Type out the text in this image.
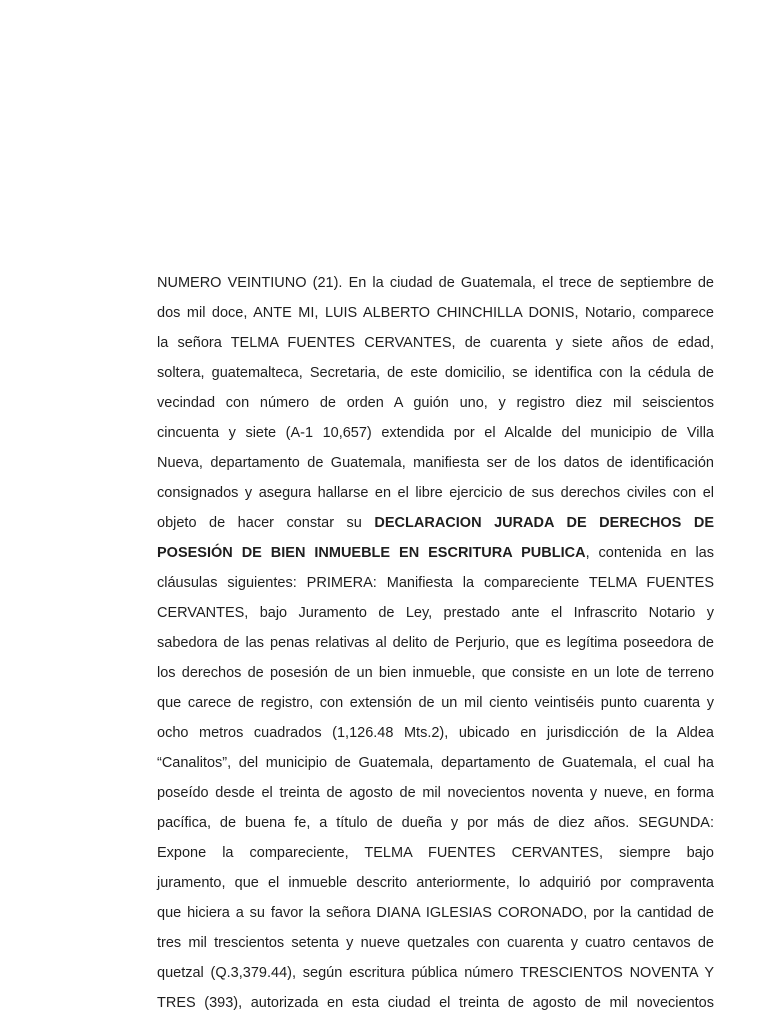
NUMERO VEINTIUNO (21). En la ciudad de Guatemala, el trece de septiembre de
dos mil doce, ANTE MI, LUIS ALBERTO CHINCHILLA DONIS, Notario, comparece
la señora TELMA FUENTES CERVANTES, de cuarenta y siete años de edad,
soltera, guatemalteca, Secretaria, de este domicilio, se identifica con la cédula de
vecindad con número de orden A guión uno, y registro diez mil seiscientos
cincuenta y siete (A-1 10,657) extendida por el Alcalde del municipio de Villa
Nueva, departamento de Guatemala, manifiesta ser de los datos de identificación
consignados y asegura hallarse en el libre ejercicio de sus derechos civiles con el
objeto de hacer constar su DECLARACION JURADA DE DERECHOS DE
POSESIÓN DE BIEN INMUEBLE EN ESCRITURA PUBLICA, contenida en las
cláusulas siguientes: PRIMERA: Manifiesta la compareciente TELMA FUENTES
CERVANTES, bajo Juramento de Ley, prestado ante el Infrascrito Notario y
sabedora de las penas relativas al delito de Perjurio, que es legítima poseedora de
los derechos de posesión de un bien inmueble, que consiste en un lote de terreno
que carece de registro, con extensión de un mil ciento veintiséis punto cuarenta y
ocho metros cuadrados (1,126.48 Mts.2), ubicado en jurisdicción de la Aldea
“Canalitos”, del municipio de Guatemala, departamento de Guatemala, el cual ha
poseído desde el treinta de agosto de mil novecientos noventa y nueve, en forma
pacífica, de buena fe, a título de dueña y por más de diez años. SEGUNDA:
Expone la compareciente, TELMA FUENTES CERVANTES, siempre bajo
juramento, que el inmueble descrito anteriormente, lo adquirió por compraventa
que hiciera a su favor la señora DIANA IGLESIAS CORONADO, por la cantidad de
tres mil trescientos setenta y nueve quetzales con cuarenta y cuatro centavos de
quetzal (Q.3,379.44), según escritura pública número TRESCIENTOS NOVENTA Y
TRES (393), autorizada en esta ciudad el treinta de agosto de mil novecientos
